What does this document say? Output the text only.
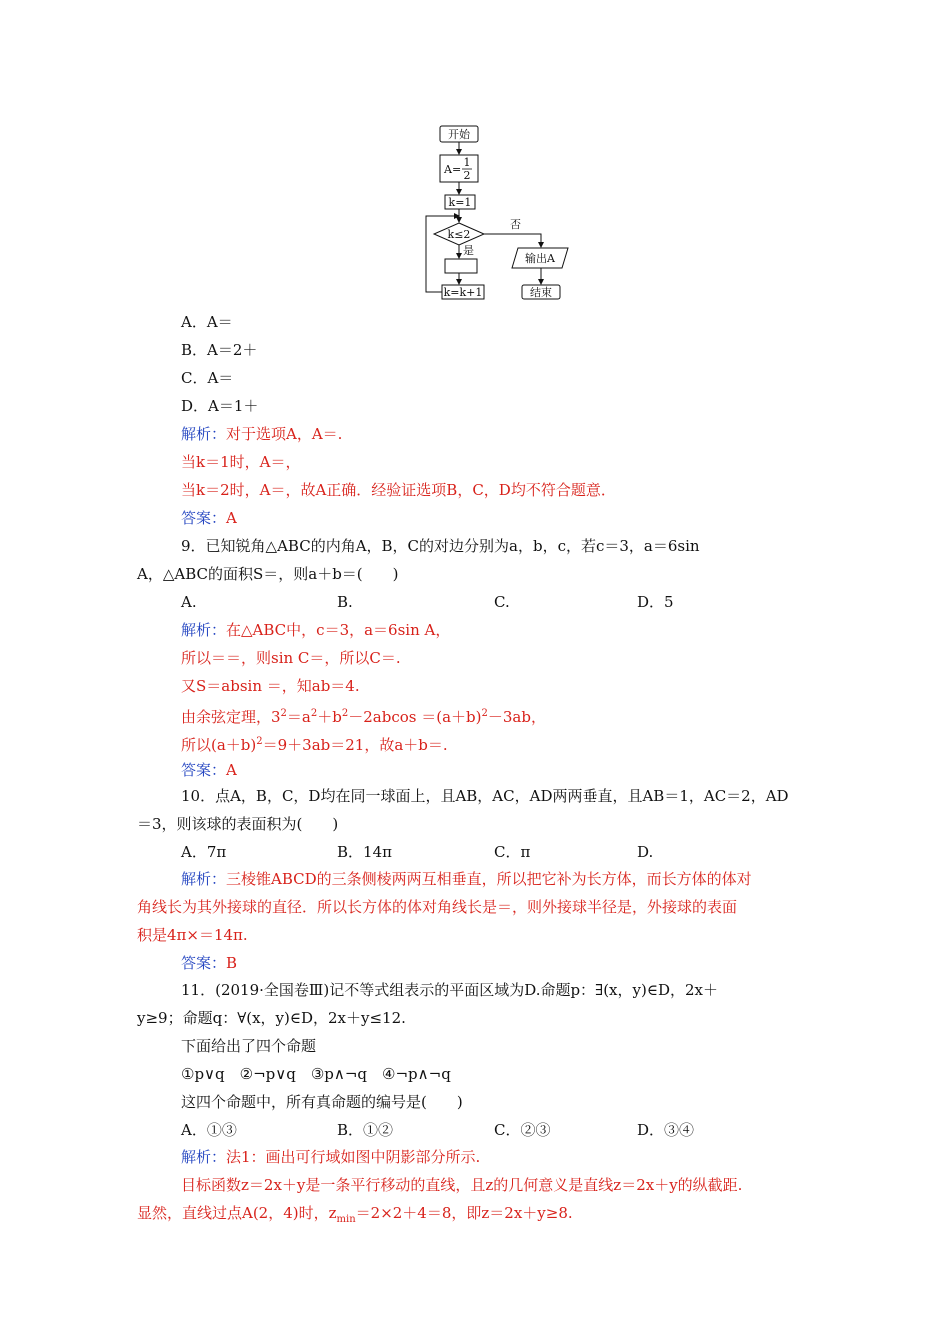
开始
A=
1
2
k=1
k≤2
否
是
k=k+1
输出A
结束
A．A＝
B．A＝2＋
C．A＝
D．A＝1＋
解析：对于选项A，A＝.
当k＝1时，A＝，
当k＝2时，A＝，故A正确．经验证选项B，C，D均不符合题意．
答案：A
9．已知锐角△ABC的内角A，B，C的对边分别为a，b，c，若c＝3，a＝6sin
A，△ABC的面积S＝，则a＋b＝(　　)
A.	B.	C.	D．5
解析：在△ABC中，c＝3，a＝6sin A，
所以＝＝，则sin C＝，所以C＝.
又S＝absin ＝，知ab＝4.
由余弦定理，$3^2=a^2+b^2-2abcos =(a+b)^2-3ab$，
所以$(a+b)^2=9+3ab=21$，故a＋b＝.
答案：A
10．点A，B，C，D均在同一球面上，且AB，AC，AD两两垂直，且AB＝1，AC＝2，AD
＝3，则该球的表面积为(　　)
A．7π	B．14π	C．π	D.
解析：三棱锥ABCD的三条侧棱两两互相垂直，所以把它补为长方体，而长方体的体对
角线长为其外接球的直径．所以长方体的体对角线长是＝，则外接球半径是，外接球的表面
积是4π×＝14π.
答案：B
11．(2019·全国卷Ⅲ)记不等式组表示的平面区域为D.命题p：∃(x，y)∈D，2x＋
y≥9；命题q：∀(x，y)∈D，2x＋y≤12.
下面给出了四个命题
①p∨q　②¬p∨q　③p∧¬q　④¬p∧¬q
这四个命题中，所有真命题的编号是(　　)
A．①③	B．①②	C．②③	D．③④
解析：法1：画出可行域如图中阴影部分所示.
目标函数z＝2x＋y是一条平行移动的直线，且z的几何意义是直线z＝2x＋y的纵截距.
显然，直线过点A(2，4)时，$z_{min}=2\times 2+4=8$，即z＝2x＋y≥8.
